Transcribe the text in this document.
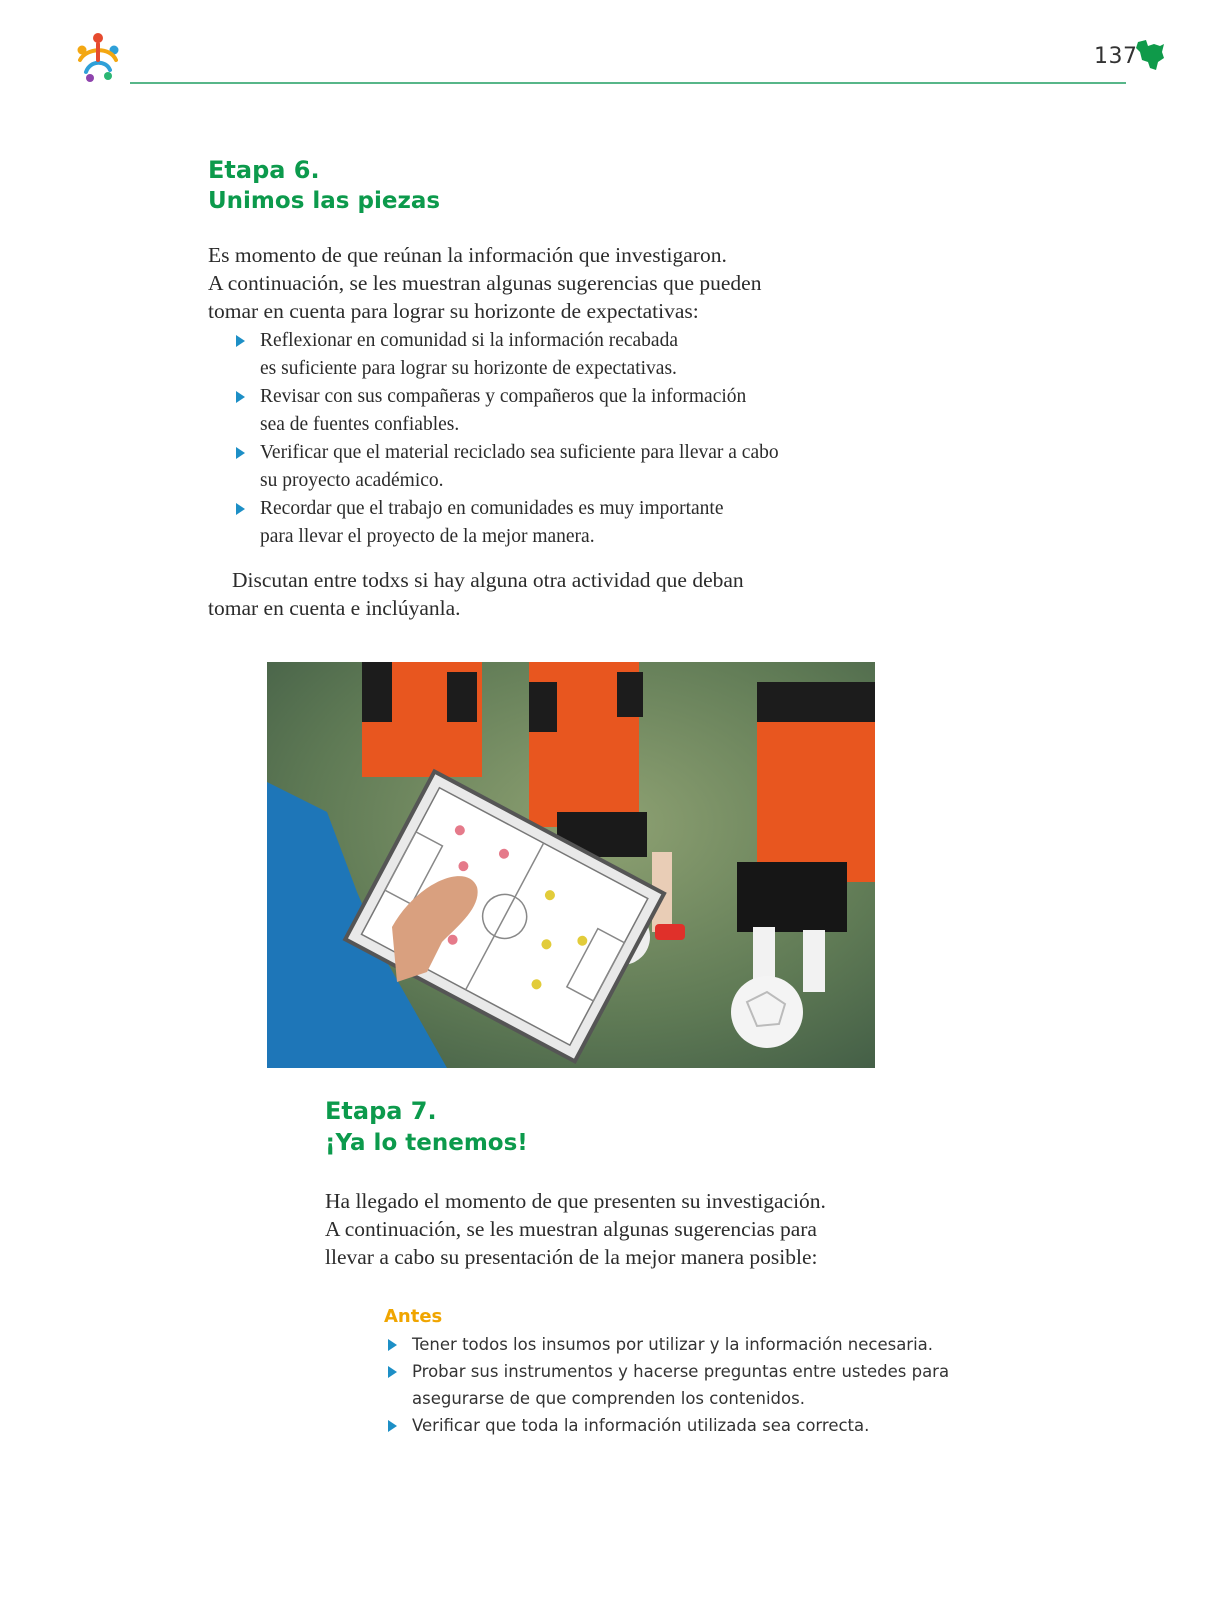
137
Etapa 6.
Unimos las piezas

Es momento de que reúnan la información que investigaron.
A continuación, se les muestran algunas sugerencias que pueden
tomar en cuenta para lograr su horizonte de expectativas:

Reflexionar en comunidad si la información recabada
es suficiente para lograr su horizonte de expectativas.
Revisar con sus compañeras y compañeros que la información
sea de fuentes confiables.
Verificar que el material reciclado sea suficiente para llevar a cabo
su proyecto académico.
Recordar que el trabajo en comunidades es muy importante
para llevar el proyecto de la mejor manera.

Discutan entre todxs si hay alguna otra actividad que deban
tomar en cuenta e inclúyanla.

Etapa 7.
¡Ya lo tenemos!

Ha llegado el momento de que presenten su investigación.
A continuación, se les muestran algunas sugerencias para
llevar a cabo su presentación de la mejor manera posible:

Antes
Tener todos los insumos por utilizar y la información necesaria.
Probar sus instrumentos y hacerse preguntas entre ustedes para
asegurarse de que comprenden los contenidos.
Verificar que toda la información utilizada sea correcta.
